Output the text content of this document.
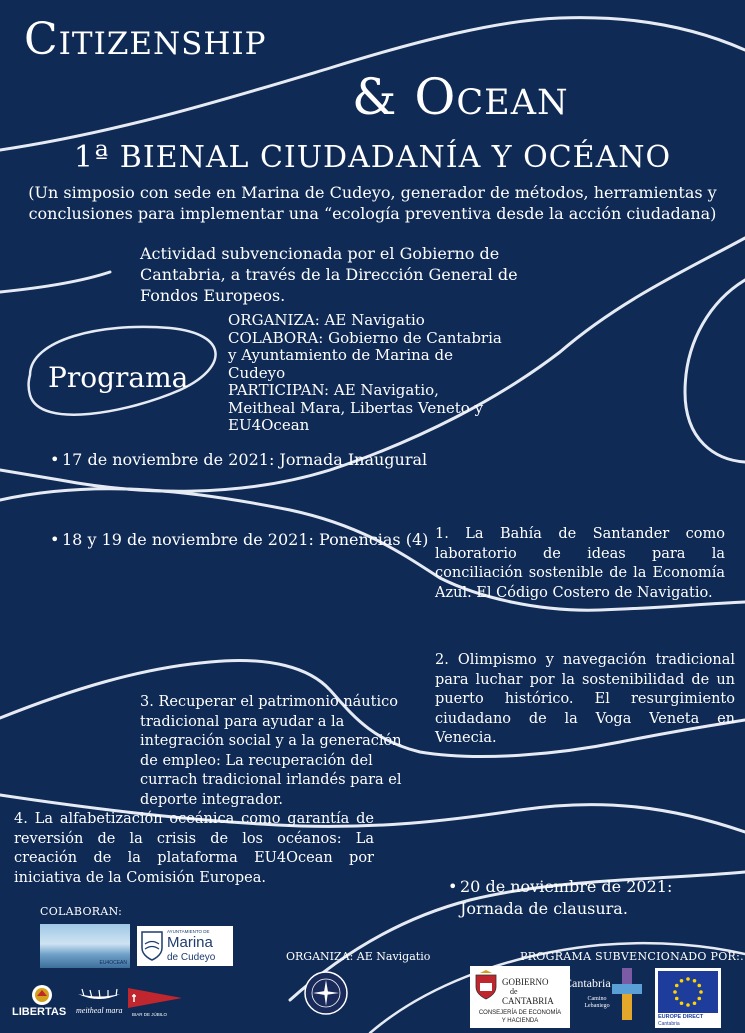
Citizenship
& Ocean
1ª BIENAL CIUDADANÍA Y OCÉANO
(Un simposio con sede en Marina de Cudeyo, generador de métodos, herramientas y conclusiones para implementar una “ecología preventiva desde la acción ciudadana)
Actividad subvencionada por el Gobierno de Cantabria, a través de la Dirección General de Fondos Europeos.
Programa
ORGANIZA: AE Navigatio
COLABORA: Gobierno de Cantabria y Ayuntamiento de Marina de Cudeyo
PARTICIPAN: AE Navigatio, Meitheal Mara, Libertas Veneto y EU4Ocean
• 17 de noviembre de 2021: Jornada Inaugural
• 18 y 19 de noviembre de 2021: Ponencias (4)
• 20 de noviembre de 2021: Jornada de clausura.
1. La Bahía de Santander como laboratorio de ideas para la conciliación sostenible de la Economía Azul. El Código Costero de Navigatio.
2. Olimpismo y navegación tradicional para luchar por la sostenibilidad de un puerto histórico. El resurgimiento ciudadano de la Voga Veneta en Venecia.
3. Recuperar el patrimonio náutico tradicional para ayudar a la integración social y a la generación de empleo: La recuperación del currach tradicional irlandés para el deporte integrador.
4. La alfabetización oceánica como garantía de reversión de la crisis de los océanos: La creación de la plataforma EU4Ocean por iniciativa de la Comisión Europea.
COLABORAN:
EU4OCEAN
AYUNTAMIENTO DE
Marina
de Cudeyo
LIBERTAS meitheal mara BIAR DE JÚBILO
ORGANIZA: AE Navigatio	PROGRAMA SUBVENCIONADO POR:.
GOBIERNO
de
CANTABRIA
CONSEJERÍA DE ECONOMÍA
Y HACIENDA
Cantabria
Camino Lebaniego
EUROPE DIRECT
Cantabria
